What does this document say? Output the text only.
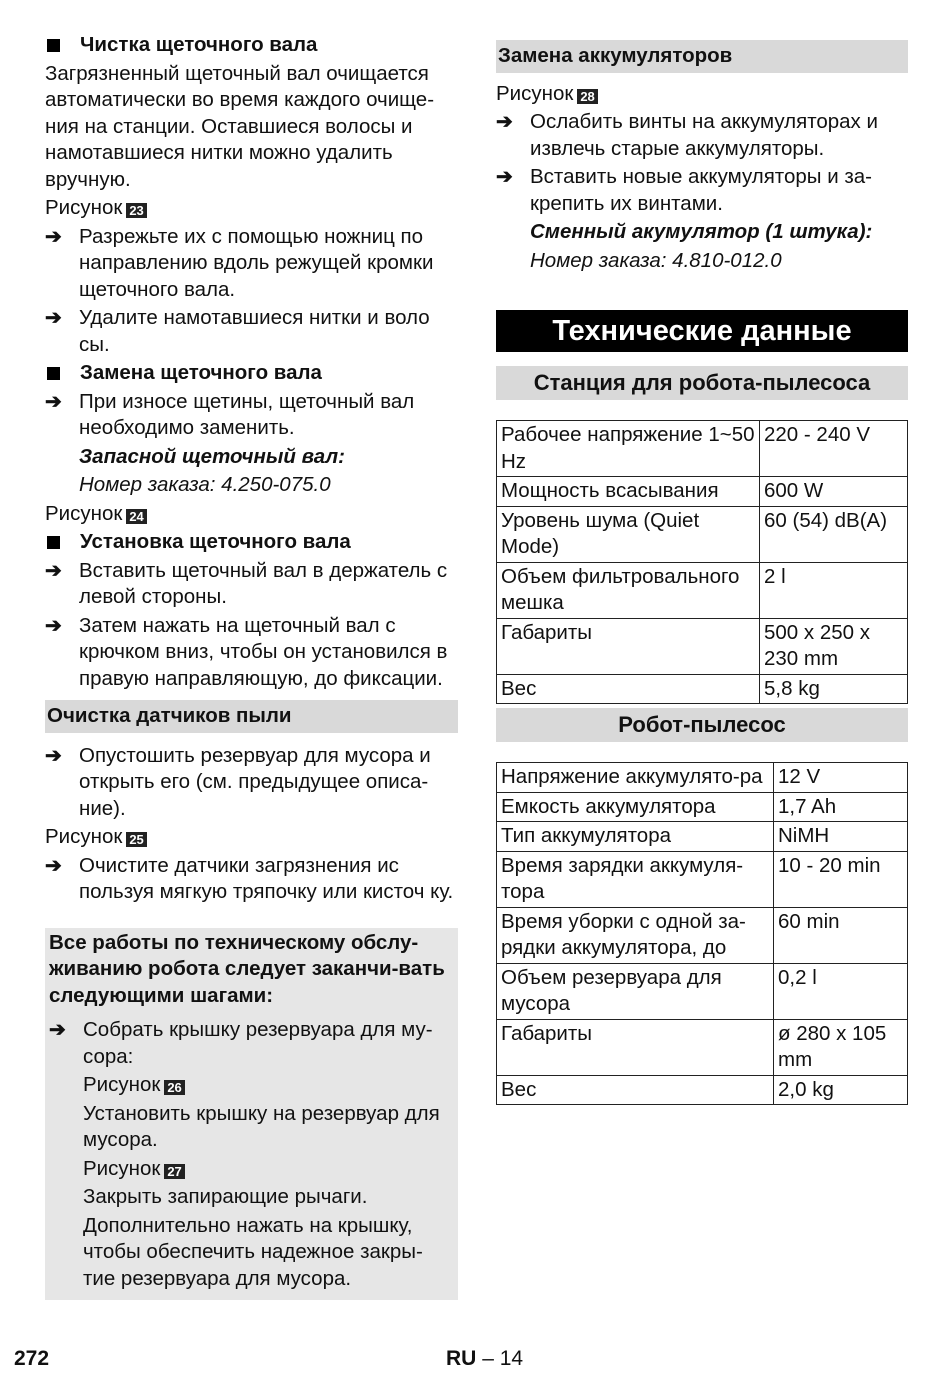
Чистка щеточного вала
Загрязненный щеточный вал очищается автоматически во время каждого очище-ния на станции. Оставшиеся волосы и намотавшиеся нитки можно удалить вручную.
Рисунок 23
➔ Разрежьте их с помощью ножниц по направлению вдоль режущей кромки щеточного вала.
➔ Удалите намотавшиеся нитки и воло сы.
Замена щеточного вала
➔ При износе щетины, щеточный вал необходимо заменить.
Запасной щеточный вал:
Номер заказа: 4.250-075.0
Рисунок 24
Установка щеточного вала
➔ Вставить щеточный вал в держатель с левой стороны.
➔ Затем нажать на щеточный вал с крючком вниз, чтобы он установился в правую направляющую, до фиксации.
Очистка датчиков пыли
➔ Опустошить резервуар для мусора и открыть его (см. предыдущее описа-ние).
Рисунок 25
➔ Очистите датчики загрязнения ис пользуя мягкую тряпочку или кисточ ку.
Все работы по техническому обслу-живанию робота следует заканчи-вать следующими шагами:
➔ Собрать крышку резервуара для му-сора:
Рисунок 26
Установить крышку на резервуар для мусора.
Рисунок 27
Закрыть запирающие рычаги.
Дополнительно нажать на крышку, чтобы обеспечить надежное закры-тие резервуара для мусора.
Замена аккумуляторов
Рисунок 28
➔ Ослабить винты на аккумуляторах и извлечь старые аккумуляторы.
➔ Вставить новые аккумуляторы и за-крепить их винтами.
Сменный акумулятор (1 штука):
Номер заказа: 4.810-012.0
Технические данные
Станция для робота-пылесоса
Рабочее напряжение 1~50 Hz	220 - 240 V
Мощность всасывания	600 W
Уровень шума (Quiet Mode)	60 (54) dB(A)
Объем фильтровального мешка	2 l
Габариты	500 x 250 x 230 mm
Вес	5,8 kg
Робот-пылесос
Напряжение аккумулято-ра	12 V
Емкость аккумулятора	1,7 Ah
Тип аккумулятора	NiMH
Время зарядки аккумуля-тора	10 - 20 min
Время уборки с одной за-рядки аккумулятора, до	60 min
Объем резервуара для мусора	0,2 l
Габариты	ø 280 x 105 mm
Вес	2,0 kg
272	RU – 14
